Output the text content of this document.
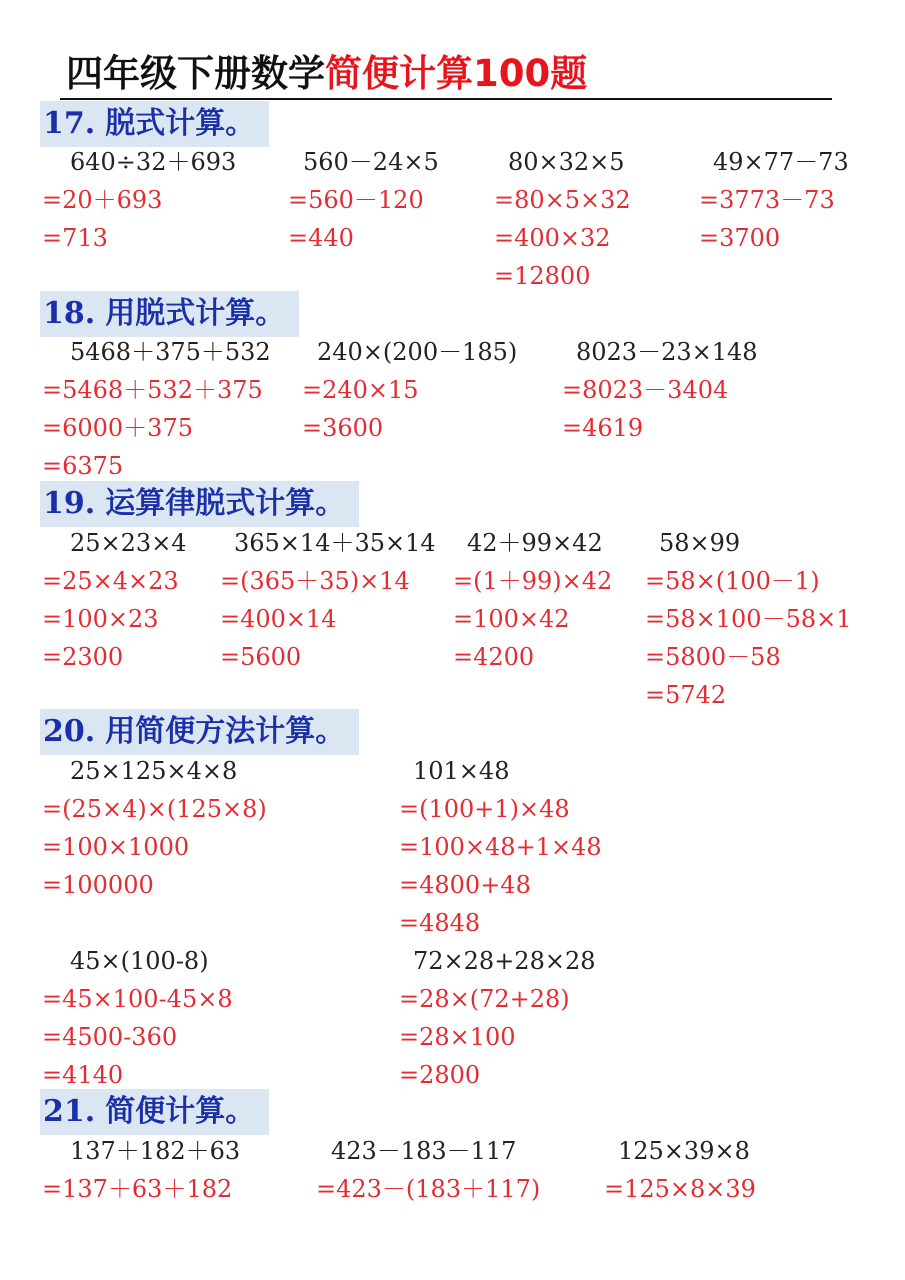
四年级下册数学简便计算100题
17. 脱式计算。
640÷32＋693
=20＋693
=713
560－24×5
=560－120
=440
80×32×5
=80×5×32
=400×32
=12800
49×77－73
=3773－73
=3700
18. 用脱式计算。
5468＋375＋532
=5468＋532＋375
=6000＋375
=6375
240×(200－185)
=240×15
=3600
8023－23×148
=8023－3404
=4619
19. 运算律脱式计算。
25×23×4
=25×4×23
=100×23
=2300
365×14＋35×14
=(365＋35)×14
=400×14
=5600
42＋99×42
=(1＋99)×42
=100×42
=4200
58×99
=58×(100－1)
=58×100－58×1
=5800－58
=5742
20. 用简便方法计算。
25×125×4×8
=(25×4)×(125×8)
=100×1000
=100000
101×48
=(100+1)×48
=100×48+1×48
=4800+48
=4848
45×(100-8)
=45×100-45×8
=4500-360
=4140
72×28+28×28
=28×(72+28)
=28×100
=2800
21. 简便计算。
137＋182＋63
=137＋63＋182
423－183－117
=423－(183＋117)
125×39×8
=125×8×39
